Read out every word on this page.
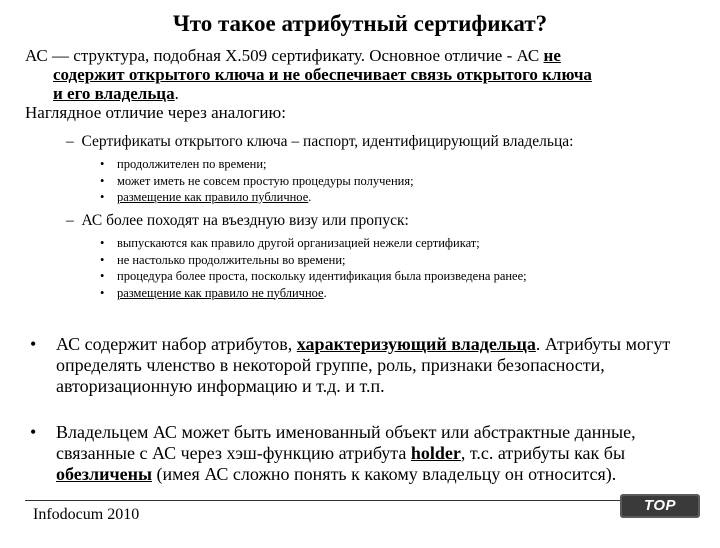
Что такое атрибутный сертификат?
АС — структура, подобная X.509 сертификату. Основное отличие - АС не
содержит открытого ключа и не обеспечивает связь открытого ключа
и его владельца.
Наглядное отличие через аналогию:
– Сертификаты открытого ключа – паспорт, идентифицирующий владельца:
• продолжителен по времени;
• может иметь не совсем простую процедуры получения;
• размещение как правило публичное.
– АС более походят на въездную визу или пропуск:
• выпускаются как правило другой организацией нежели сертификат;
• не настолько продолжительны во времени;
• процедура более проста, поскольку идентификация была произведена ранее;
• размещение как правило не публичное.
•	АС содержит набор атрибутов, характеризующий владельца. Атрибуты могут определять членство в некоторой группе, роль, признаки безопасности, авторизационную информацию и т.д. и т.п.
•	Владельцем АС может быть именованный объект или абстрактные данные, связанные с АС через хэш-функцию атрибута holder, т.с. атрибуты как бы обезличены (имея АС сложно понять к какому владельцу он относится).
Infodocum 2010
TOP CROSS
